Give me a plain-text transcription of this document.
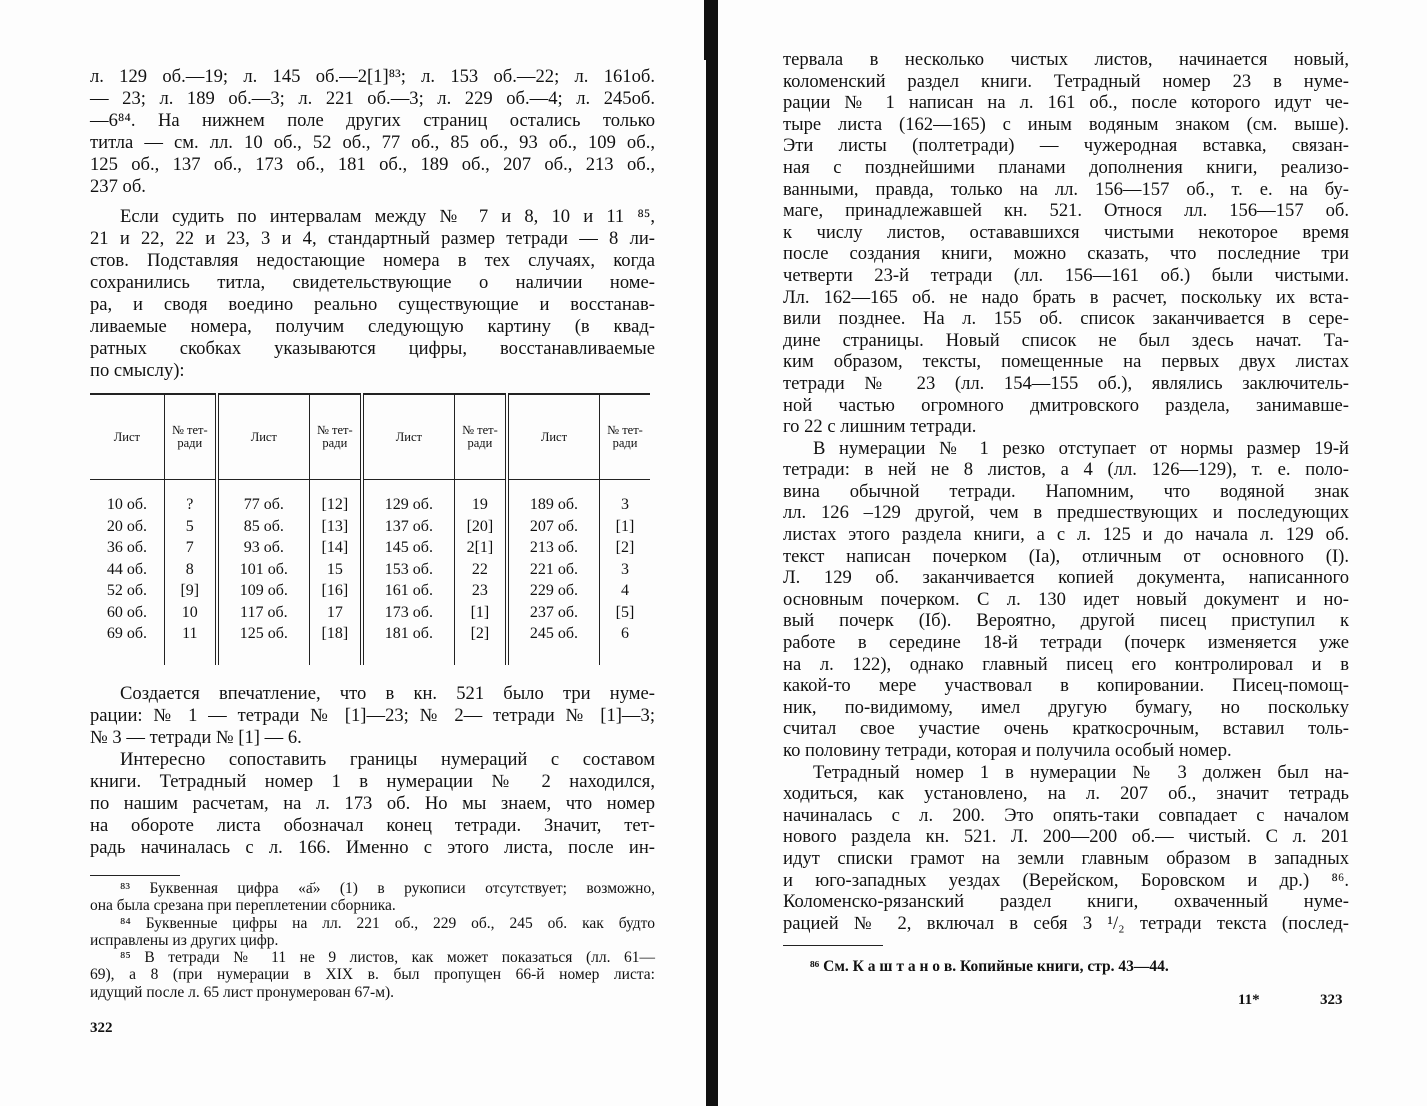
л. 129 об.—19; л. 145 об.—2[1]⁸³; л. 153 об.—22; л. 161об.
— 23; л. 189 об.—3; л. 221 об.—3; л. 229 об.—4; л. 245об.
—6⁸⁴. На нижнем поле других страниц остались только
титла — см. лл. 10 об., 52 об., 77 об., 85 об., 93 об., 109 об.,
125 об., 137 об., 173 об., 181 об., 189 об., 207 об., 213 об.,
237 об.
Если судить по интервалам между № 7 и 8, 10 и 11 ⁸⁵,
21 и 22, 22 и 23, 3 и 4, стандартный размер тетради — 8 ли-
стов. Подставляя недостающие номера в тех случаях, когда
сохранились титла, свидетельствующие о наличии номе-
ра, и сводя воедино реально существующие и восстанав-
ливаемые номера, получим следующую картину (в квад-
ратных скобках указываются цифры, восстанавливаемые
по смыслу):
Лист	№ тет- ради	Лист	№ тет- ради	Лист	№ тет- ради	Лист	№ тет- ради
10 об.	?	77 об.	[12]	129 об.	19	189 об.	3
20 об.	5	85 об.	[13]	137 об.	[20]	207 об.	[1]
36 об.	7	93 об.	[14]	145 об.	2[1]	213 об.	[2]
44 об.	8	101 об.	15	153 об.	22	221 об.	3
52 об.	[9]	109 об.	[16]	161 об.	23	229 об.	4
60 об.	10	117 об.	17	173 об.	[1]	237 об.	[5]
69 об.	11	125 об.	[18]	181 об.	[2]	245 об.	6
Создается впечатление, что в кн. 521 было три нуме-
рации: № 1 — тетради № [1]—23; № 2— тетради № [1]—3;
№ 3 — тетради № [1] — 6.
Интересно сопоставить границы нумераций с составом
книги. Тетрадный номер 1 в нумерации № 2 находился,
по нашим расчетам, на л. 173 об. Но мы знаем, что номер
на обороте листа обозначал конец тетради. Значит, тет-
радь начиналась с л. 166. Именно с этого листа, после ин-
⁸³ Буквенная цифра «а҃» (1) в рукописи отсутствует; возможно,
она была срезана при переплетении сборника.
⁸⁴ Буквенные цифры на лл. 221 об., 229 об., 245 об. как будто
исправлены из других цифр.
⁸⁵ В тетради № 11 не 9 листов, как может показаться (лл. 61—
69), а 8 (при нумерации в XIX в. был пропущен 66-й номер листа:
идущий после л. 65 лист пронумерован 67-м).
322
тервала в несколько чистых листов, начинается новый,
коломенский раздел книги. Тетрадный номер 23 в нуме-
рации № 1 написан на л. 161 об., после которого идут че-
тыре листа (162—165) с иным водяным знаком (см. выше).
Эти листы (полтетради) — чужеродная вставка, связан-
ная с позднейшими планами дополнения книги, реализо-
ванными, правда, только на лл. 156—157 об., т. е. на бу-
маге, принадлежавшей кн. 521. Относя лл. 156—157 об.
к числу листов, остававшихся чистыми некоторое время
после создания книги, можно сказать, что последние три
четверти 23-й тетради (лл. 156—161 об.) были чистыми.
Лл. 162—165 об. не надо брать в расчет, поскольку их вста-
вили позднее. На л. 155 об. список заканчивается в сере-
дине страницы. Новый список не был здесь начат. Та-
ким образом, тексты, помещенные на первых двух листах
тетради № 23 (лл. 154—155 об.), являлись заключитель-
ной частью огромного дмитровского раздела, занимавше-
го 22 с лишним тетради.
В нумерации № 1 резко отступает от нормы размер 19-й
тетради: в ней не 8 листов, а 4 (лл. 126—129), т. е. поло-
вина обычной тетради. Напомним, что водяной знак
лл. 126 –129 другой, чем в предшествующих и последующих
листах этого раздела книги, а с л. 125 и до начала л. 129 об.
текст написан почерком (Iа), отличным от основного (I).
Л. 129 об. заканчивается копией документа, написанного
основным почерком. С л. 130 идет новый документ и но-
вый почерк (Iб). Вероятно, другой писец приступил к
работе в середине 18-й тетради (почерк изменяется уже
на л. 122), однако главный писец его контролировал и в
какой-то мере участвовал в копировании. Писец-помощ-
ник, по-видимому, имел другую бумагу, но поскольку
считал свое участие очень краткосрочным, вставил толь-
ко половину тетради, которая и получила особый номер.
Тетрадный номер 1 в нумерации № 3 должен был на-
ходиться, как установлено, на л. 207 об., значит тетрадь
начиналась с л. 200. Это опять-таки совпадает с началом
нового раздела кн. 521. Л. 200—200 об.— чистый. С л. 201
идут списки грамот на земли главным образом в западных
и юго-западных уездах (Верейском, Боровском и др.) ⁸⁶.
Коломенско-рязанский раздел книги, охваченный нуме-
рацией № 2, включал в себя 3 ¹/₂ тетради текста (послед-
⁸⁶ См. К а ш т а н о в. Копийные книги, стр. 43—44.
11*	323
